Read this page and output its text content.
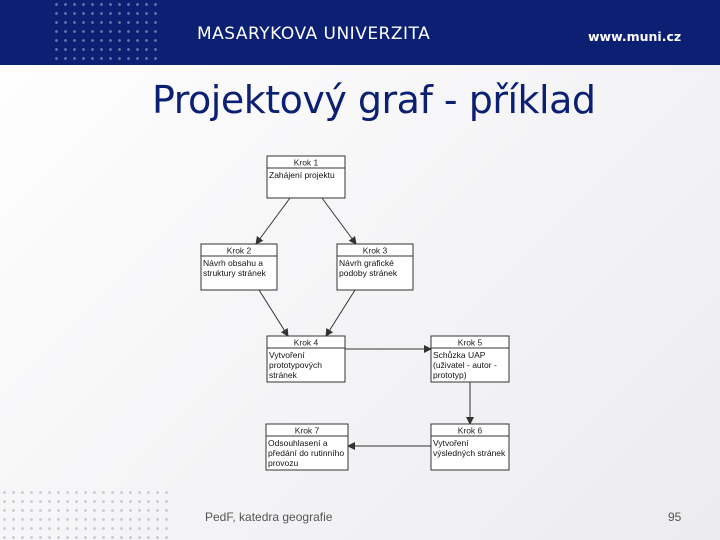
MASARYKOVA UNIVERZITA	www.muni.cz
Projektový graf - příklad
Krok 1
Zahájení projektu
Krok 2
Návrh obsahu a
struktury stránek
Krok 3
Návrh grafické
podoby stránek
Krok 4
Vytvoření
prototypových
stránek
Krok 5
Schůzka UAP
(uživatel - autor -
prototyp)
Krok 6
Vytvoření
výsledných stránek
Krok 7
Odsouhlasení a
předání do rutinního
provozu
PedF, katedra geografie	95
